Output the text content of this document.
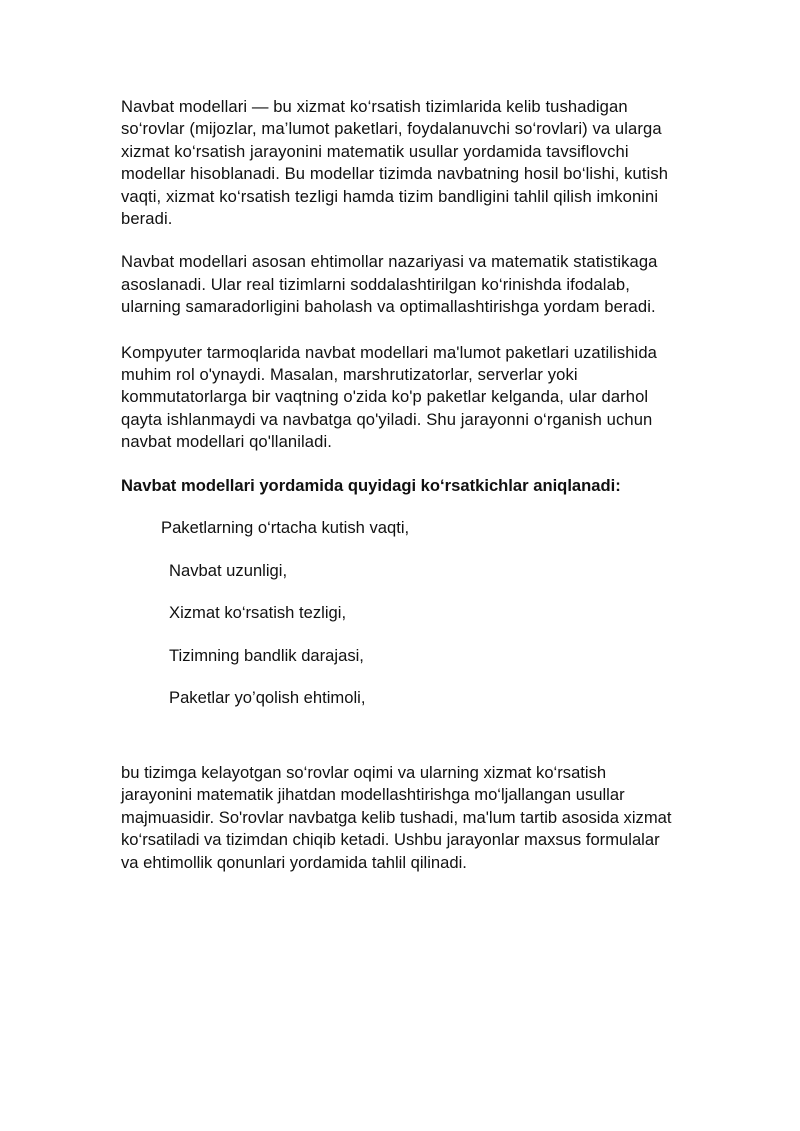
Navbat modellari — bu xizmat ko‘rsatish tizimlarida kelib tushadigan so‘rovlar (mijozlar, ma’lumot paketlari, foydalanuvchi so‘rovlari) va ularga xizmat ko‘rsatish jarayonini matematik usullar yordamida tavsiflovchi modellar hisoblanadi. Bu modellar tizimda navbatning hosil bo‘lishi, kutish vaqti, xizmat ko‘rsatish tezligi hamda tizim bandligini tahlil qilish imkonini beradi.

Navbat modellari asosan ehtimollar nazariyasi va matematik statistikaga asoslanadi. Ular real tizimlarni soddalashtirilgan ko‘rinishda ifodalab, ularning samaradorligini baholash va optimallashtirishga yordam beradi.

Kompyuter tarmoqlarida navbat modellari ma'lumot paketlari uzatilishida muhim rol o'ynaydi. Masalan, marshrutizatorlar, serverlar yoki kommutatorlarga bir vaqtning o'zida ko'p paketlar kelganda, ular darhol qayta ishlanmaydi va navbatga qo'yiladi. Shu jarayonni o‘rganish uchun navbat modellari qo'llaniladi.

Navbat modellari yordamida quyidagi ko‘rsatkichlar aniqlanadi:

Paketlarning o‘rtacha kutish vaqti,
Navbat uzunligi,
Xizmat ko‘rsatish tezligi,
Tizimning bandlik darajasi,
Paketlar yo’qolish ehtimoli,

bu tizimga kelayotgan so‘rovlar oqimi va ularning xizmat ko‘rsatish jarayonini matematik jihatdan modellashtirishga mo‘ljallangan usullar majmuasidir. So'rovlar navbatga kelib tushadi, ma'lum tartib asosida xizmat ko‘rsatiladi va tizimdan chiqib ketadi. Ushbu jarayonlar maxsus formulalar va ehtimollik qonunlari yordamida tahlil qilinadi.
